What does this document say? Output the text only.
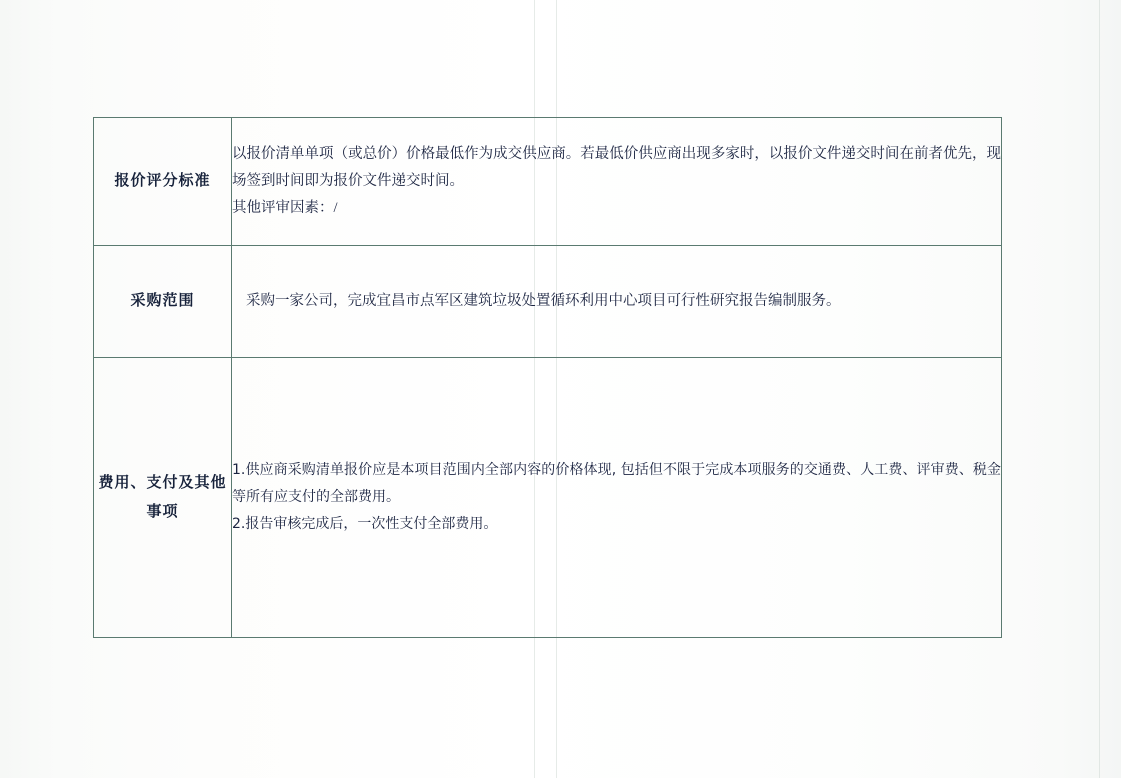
报价评分标准	以报价清单单项（或总价）价格最低作为成交供应商。若最低价供应商出现多家时，以报价文件递交时间在前者优先，现场签到时间即为报价文件递交时间。

其他评审因素：/

采购范围	采购一家公司，完成宜昌市点军区建筑垃圾处置循环利用中心项目可行性研究报告编制服务。

费用、支付及其他事项	1.供应商采购清单报价应是本项目范围内全部内容的价格体现, 包括但不限于完成本项服务的交通费、人工费、评审费、税金等所有应支付的全部费用。

2.报告审核完成后，一次性支付全部费用。
